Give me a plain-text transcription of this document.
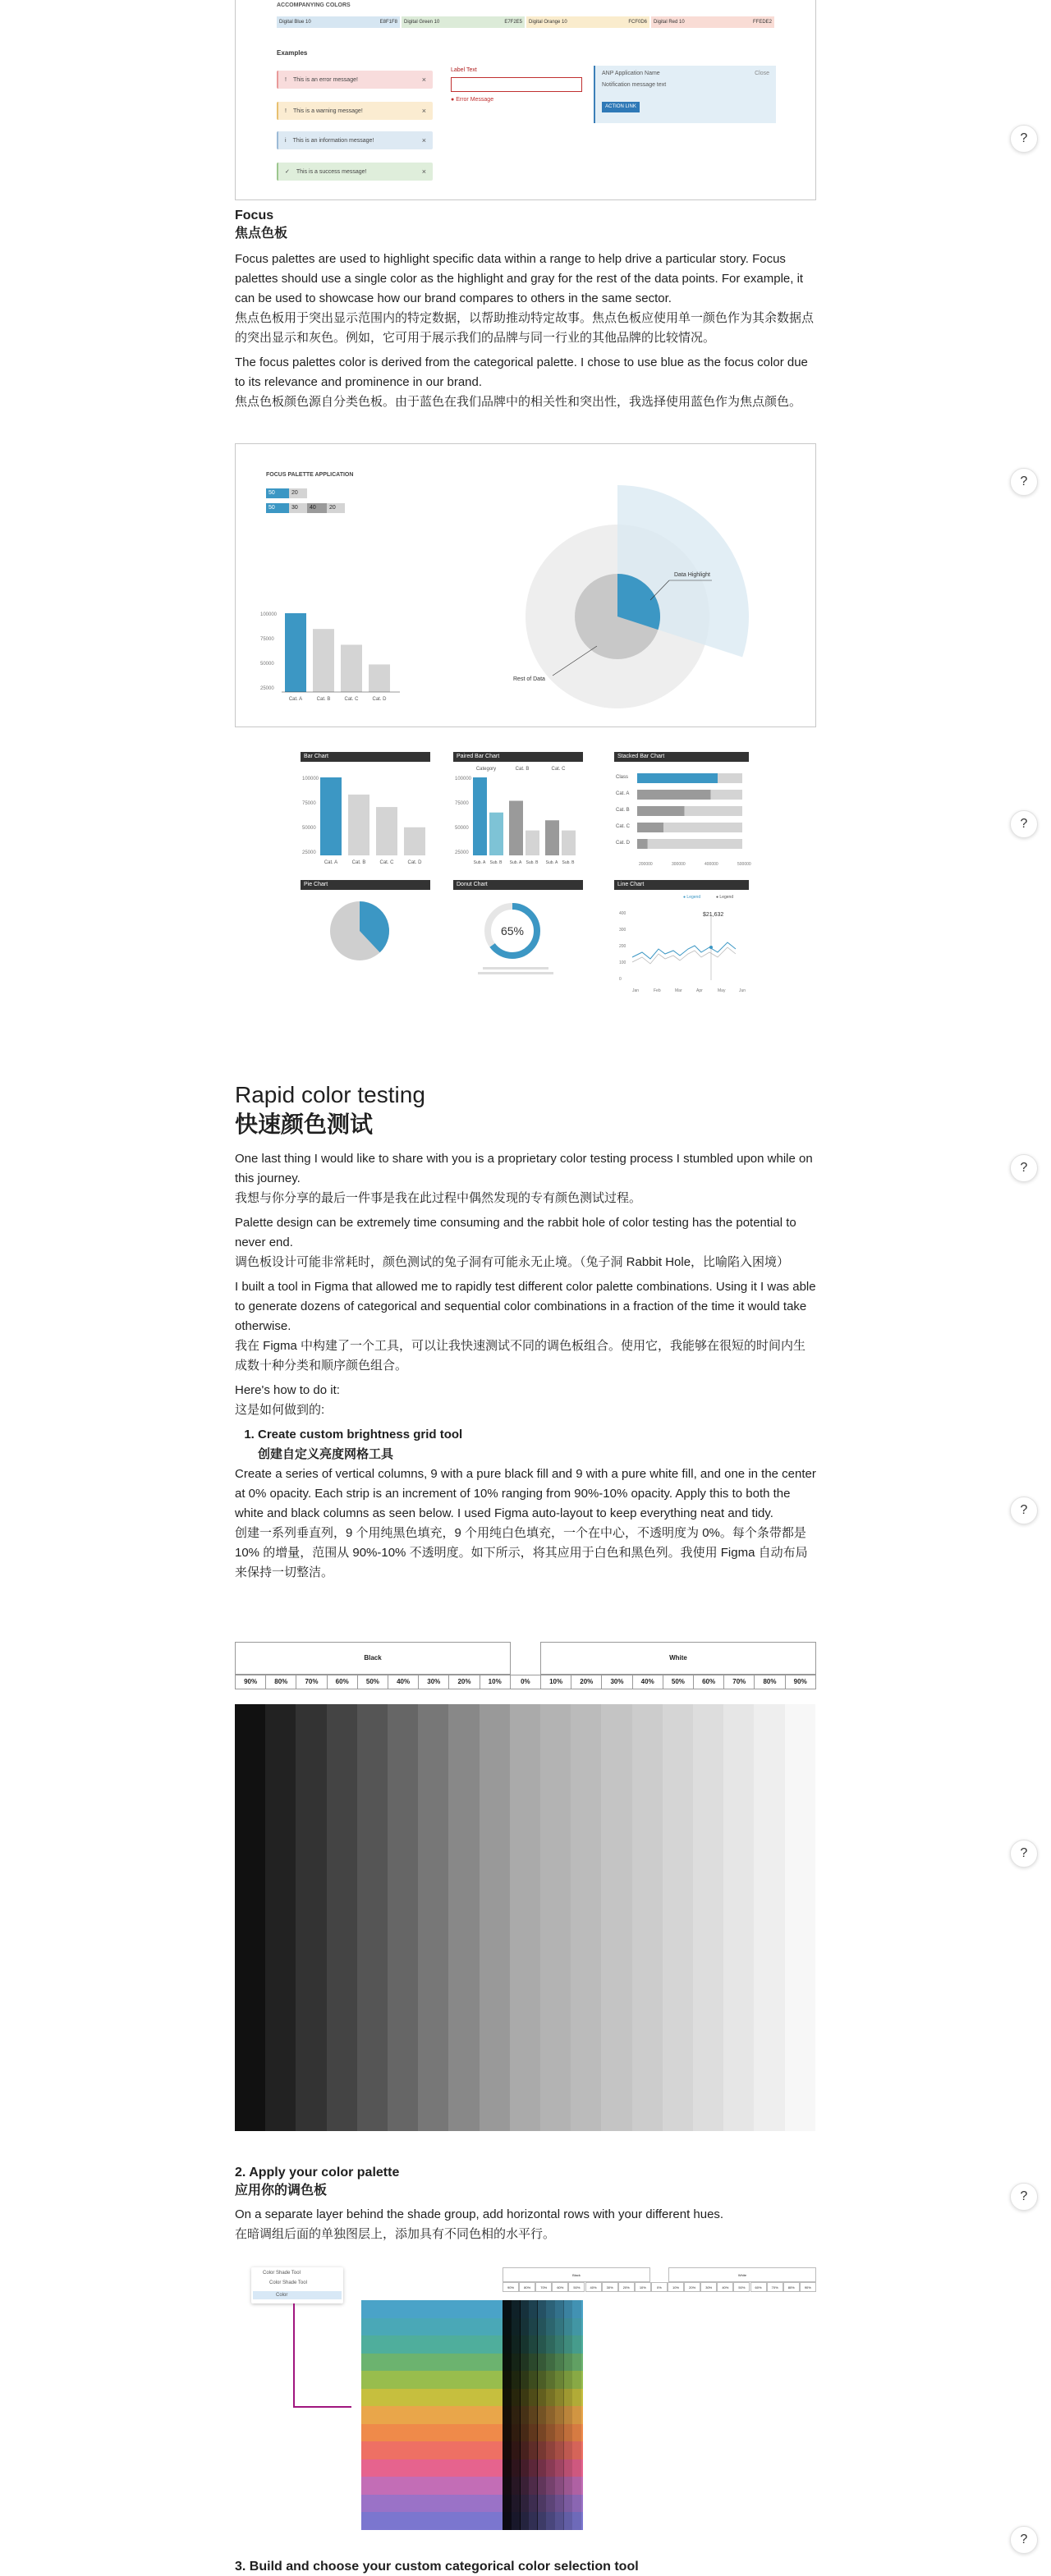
ACCOMPANYING COLORS
Digital Blue 10	E8F1F8 Digital Green 10	E7F2E5 Digital Orange 10	FCF0D6 Digital Red 10	FFEDE2
Examples
! This is an error message!	×
! This is a warning message!	×
i This is an information message!	×
✓ This is a success message!	×
Label Text
● Error Message
ANP Application Name	Close
Notification message text
ACTION LINK
Focus
焦点色板

Focus palettes are used to highlight specific data within a range to help drive a particular story. Focus palettes should use a single color as the highlight and gray for the rest of the data points. For example, it can be used to showcase how our brand compares to others in the same sector.

焦点色板用于突出显示范围内的特定数据，以帮助推动特定故事。焦点色板应使用单一颜色作为其余数据点的突出显示和灰色。例如，它可用于展示我们的品牌与同一行业的其他品牌的比较情况。

The focus palettes color is derived from the categorical palette. I chose to use blue as the focus color due to its relevance and prominence in our brand.

焦点色板颜色源自分类色板。由于蓝色在我们品牌中的相关性和突出性，我选择使用蓝色作为焦点颜色。

FOCUS PALETTE APPLICATION
50	20
50	30	40	20
100000
75000
50000
25000
Cat. A	Cat. B	Cat. C	Cat. D
Data Highlight
Rest of Data
Bar Chart	Paired Bar Chart	Stacked Bar Chart
100000
75000
50000
25000
Cat. A	Cat. B	Cat. C	Cat. D
100000
75000
50000
25000
Category	Cat. B	Cat. C
Sub. A Sub. B Sub. A Sub. B Sub. A Sub. B
Class
Cat. A
Cat. B
Cat. C
Cat. D
200000	300000	400000	500000
Pie Chart	Donut Chart	Line Chart
65%
● Legend	● Legend
400
300
200
100
0
$21,632
Jan	Feb	Mar	Apr	May	Jun
Rapid color testing
快速颜色测试

One last thing I would like to share with you is a proprietary color testing process I stumbled upon while on this journey.

我想与你分享的最后一件事是我在此过程中偶然发现的专有颜色测试过程。

Palette design can be extremely time consuming and the rabbit hole of color testing has the potential to never end.

调色板设计可能非常耗时，颜色测试的兔子洞有可能永无止境。（兔子洞 Rabbit Hole，比喻陷入困境）

I built a tool in Figma that allowed me to rapidly test different color palette combinations. Using it I was able to generate dozens of categorical and sequential color combinations in a fraction of the time it would take otherwise.

我在 Figma 中构建了一个工具，可以让我快速测试不同的调色板组合。使用它，我能够在很短的时间内生成数十种分类和顺序颜色组合。

Here's how to do it:

这是如何做到的:

1. Create custom brightness grid tool
创建自定义亮度网格工具

Create a series of vertical columns, 9 with a pure black fill and 9 with a pure white fill, and one in the center at 0% opacity. Each strip is an increment of 10% ranging from 90%-10% opacity. Apply this to both the white and black columns as seen below. I used Figma auto-layout to keep everything neat and tidy.

创建一系列垂直列，9 个用纯黑色填充，9 个用纯白色填充，一个在中心，不透明度为 0%。每个条带都是 10% 的增量，范围从 90%-10% 不透明度。如下所示，将其应用于白色和黑色列。我使用 Figma 自动布局来保持一切整洁。

Black	White
90%	80%	70%	60%	50%	40%	30%	20%	10%	0%	10%	20%	30%	40%	50%	60%	70%	80%	90%
2. Apply your color palette
应用你的调色板

On a separate layer behind the shade group, add horizontal rows with your different hues.

在暗调组后面的单独图层上，添加具有不同色相的水平行。

Color Shade Tool
Color Shade Tool
Color
Black	White
90%	80%	70%	60%	50%	40%	30%	20%	10%	0%	10%	20%	30%	40%	50%	60%	70%	80%	90%
3. Build and choose your custom categorical color selection tool
?
?
?
?
?
?
?
?
